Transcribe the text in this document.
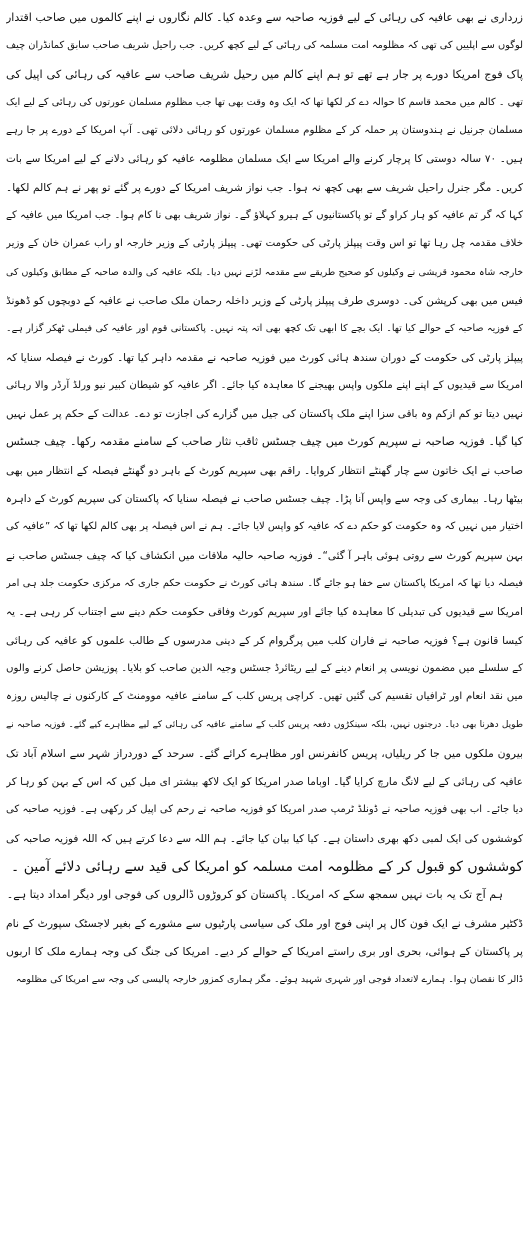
زرداری نے بھی عافیہ کی رہائی کے لیے فوزیہ صاحبہ سے وعدہ کیا۔ کالم نگاروں نے اپنے کالموں میں صاحب اقتدار
لوگوں سے اپلییں کی تھی کہ مظلومہ امت مسلمہ کی رہائی کے لیے کچھ کریں۔ جب راحیل شریف صاحب سابق کمانڈران چیف
پاک فوج امریکا دورے پر جار ہے تھے تو ہم اپنے کالم میں رحیل شریف صاحب سے عافیہ کی رہائی کی اپیل کی
تھی ۔ کالم میں محمد قاسم کا حوالہ دے کر لکھا تھا کہ ایک وہ وقت بھی تھا جب مظلوم مسلمان عورتوں کی رہائی کے لیے ایک
مسلمان جرنیل نے ہندوستان پر حملہ کر کے مظلوم مسلمان عورتوں کو رہائی دلائی تھی۔ آپ امریکا کے دورے پر جا رہے
ہیں۔ ۷۰ سالہ دوستی کا پرچار کرنے والے امریکا سے ایک مسلمان مظلومہ عافیہ کو رہائی دلانے کے لیے امریکا سے بات
کریں۔ مگر جنرل راحیل شریف سے بھی کچھ نہ ہوا۔ جب نواز شریف امریکا کے دورے پر گئے تو پھر نے ہم کالم لکھا۔
کہا کہ گر تم عافیہ کو ہار کراو گے تو پاکستانیوں کے ہیرو کہلاؤ گے۔ نواز شریف بھی نا کام ہوا۔ جب امریکا میں عافیہ کے
خلاف مقدمہ چل رہا تھا تو اس وقت پیپلز پارٹی کی حکومت تھی۔ پیپلز پارٹی کے وزیر خارجہ او راب عمران خان کے وزیر
خارجہ شاہ محمود قریشی نے وکیلوں کو صحیح طریقے سے مقدمہ لڑنے نہیں دیا۔ بلکہ عافیہ کی والدہ صاحبہ کے مطابق وکیلوں کی
فیس میں بھی کرپشن کی۔ دوسری طرف پیپلز پارٹی کے وزیر داخلہ رحمان ملک صاحب نے عافیہ کے دوبچوں کو ڈھونڈ
کے فوزیہ صاحبہ کے حوالے کیا تھا۔ ایک بچے کا ابھی تک کچھ بھی اتہ پتہ نہیں۔ پاکستانی قوم اور عافیہ کی فیملی ٹھکر گزار ہے۔
پیپلز پارٹی کی حکومت کے دوران سندھ ہائی کورٹ میں فوزیہ صاحبہ نے مقدمہ داہر کیا تھا۔ کورٹ نے فیصلہ سنایا کہ
امریکا سے قیدیوں کے اپنے اپنے ملکوں واپس بھیجنے کا معاہدہ کیا جائے۔ اگر عافیہ کو شیطان کبیر نیو ورلڈ آرڈر والا رہائی
نہیں دیتا تو کم ازکم وہ باقی سزا اپنے ملک پاکستان کی جیل میں گزارے کی اجازت تو دے۔ عدالت کے حکم پر عمل نہیں
کیا گیا۔ فوزیہ صاحبہ نے سپریم کورٹ میں چیف جسٹس ثاقب نثار صاحب کے سامنے مقدمہ رکھا۔ چیف جسٹس
صاحب نے ایک خاتون سے چار گھنٹے انتظار کروایا۔ راقم بھی سپریم کورٹ کے باہر دو گھنٹے فیصلہ کے انتظار میں بھی
بیٹھا رہا۔ بیماری کی وجہ سے واپس آنا پڑا۔ چیف جسٹس صاحب نے فیصلہ سنایا کہ پاکستان کی سپریم کورٹ کے داہرہ
اختیار میں نہیں کہ وہ حکومت کو حکم دے کہ عافیہ کو واپس لایا جائے۔ ہم نے اس فیصلہ پر بھی کالم لکھا تھا کہ ”عافیہ کی
بہن سپریم کورٹ سے روتی ہوئی باہر آ گئی“۔ فوزیہ صاحبہ حالیہ ملاقات میں انکشاف کیا کہ چیف جسٹس صاحب نے
فیصلہ دیا تھا کہ امریکا پاکستان سے خفا ہو جائے گا۔ سندھ ہائی کورٹ نے حکومت حکم جاری کہ مرکزی حکومت جلد ہی امر
امریکا سے قیدیوں کی تبدیلی کا معاہدہ کیا جائے اور سپریم کورٹ وفاقی حکومت حکم دینے سے اجتناب کر رہی ہے۔ یہ
کیسا قانون ہے؟ فوزیہ صاحبہ نے فاران کلب میں پرگروام کر کے دینی مدرسوں کے طالب علموں کو عافیہ کی رہائی
کے سلسلے میں مضمون نویسی پر انعام دینے کے لیے ریٹائرڈ جسٹس وجیہ الدین صاحب کو بلایا۔ پوزیشن حاصل کرنے والوں
میں نقد انعام اور ٹرافیاں تقسیم کی گئیں تھیں۔ کراچی پریس کلب کے سامنے عافیہ موومنٹ کے کارکنوں نے چالیس روزہ
طویل دھرنا بھی دیا۔ درجنوں نہیں، بلکہ سینکڑوں دفعہ پریس کلب کے سامنے عافیہ کی رہائی کے لیے مظاہرے کیے گئے۔ فوزیہ صاحبہ نے
بیرون ملکوں میں جا کر ریلیاں، پریس کانفرنس اور مظاہرے کرائے گئے۔ سرحد کے دوردراز شہر سے اسلام آباد تک
عافیہ کی رہائی کے لیے لانگ مارچ کرایا گیا۔ اوباما صدر امریکا کو ایک لاکھ بیشتر ای میل کیں کہ اس کے بہن کو رہا کر
دیا جائے۔ اب بھی فوزیہ صاحبہ نے ڈونلڈ ٹرمپ صدر امریکا کو فوزیہ صاحبہ نے رحم کی اپیل کر رکھی ہے۔ فوزیہ صاحبہ کی
کوششوں کی ایک لمبی دکھ بھری داستان ہے۔ کیا کیا بیان کیا جائے۔ ہم اللہ سے دعا کرتے ہیں کہ اللہ فوزیہ صاحبہ کی
کوششوں کو قبول کر کے مظلومہ امت مسلمہ کو امریکا کی قید سے رہائی دلائے آمین ۔
ہم آج تک یہ بات نہیں سمجھ سکے کہ امریکا۔ پاکستان کو کروڑوں ڈالروں کی فوجی اور دیگر امداد دیتا ہے۔
ڈکٹیر مشرف نے ایک فون کال پر اپنی فوج اور ملک کی سیاسی پارٹیوں سے مشورے کے بغیر لاجسٹک سپورٹ کے نام
پر پاکستان کے ہوائی، بحری اور بری راستے امریکا کے حوالے کر دیے۔ امریکا کی جنگ کی وجہ ہمارے ملک کا اربوں
ڈالر کا نقصان ہوا۔ ہمارے لاتعداد فوجی اور شہری شہید ہوئے۔ مگر ہماری کمزور خارجہ پالیسی کی وجہ سے امریکا کی مظلومہ
